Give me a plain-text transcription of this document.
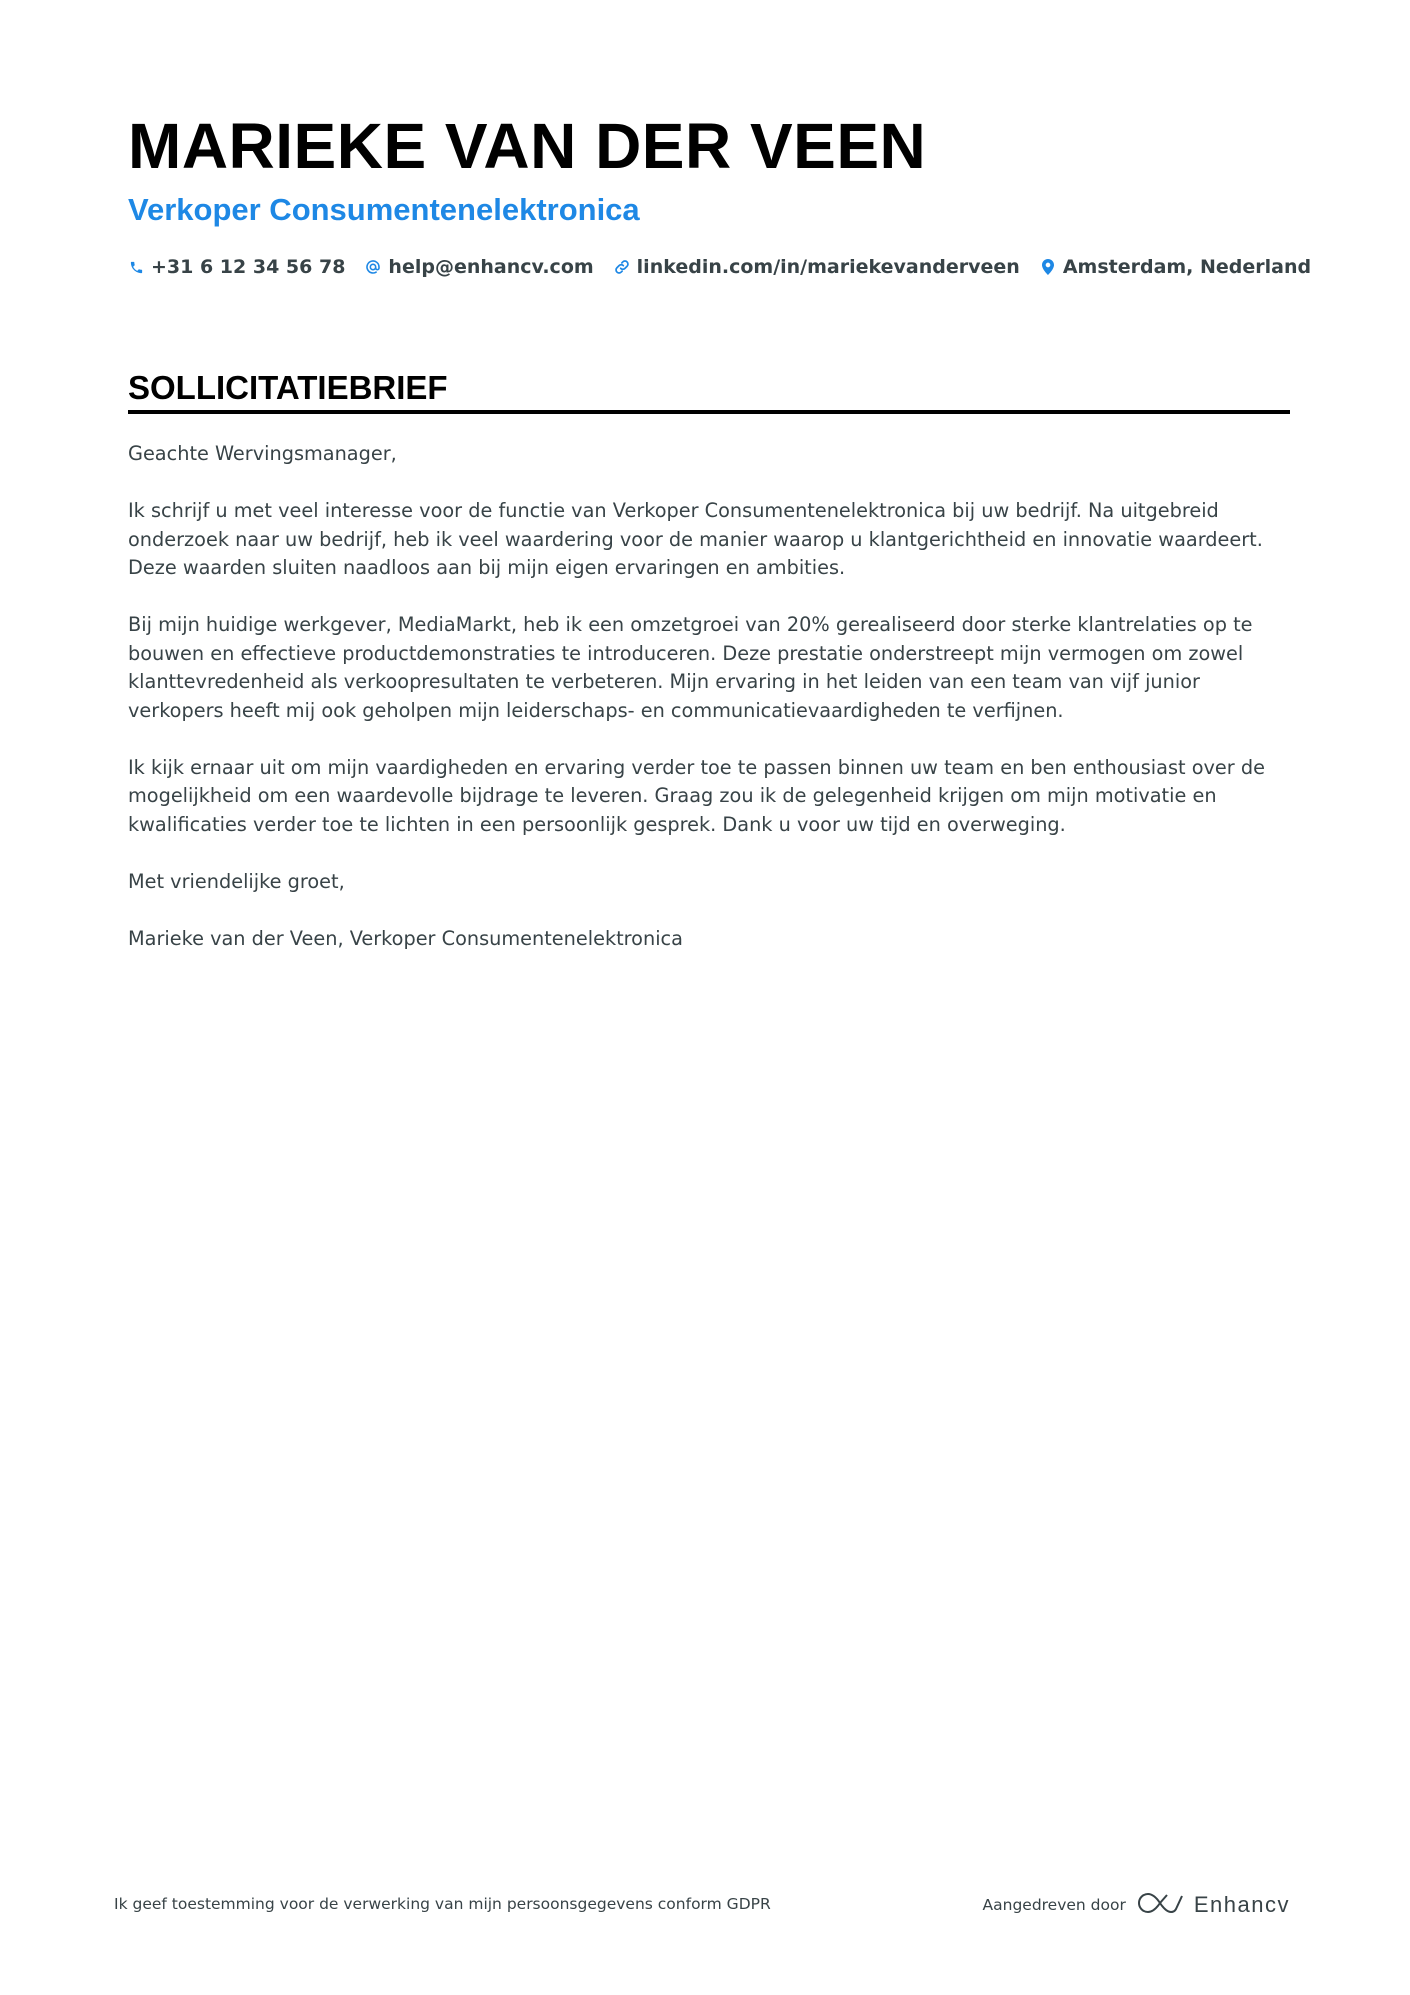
MARIEKE VAN DER VEEN
Verkoper Consumentenelektronica
+31 6 12 34 56 78 help@enhancv.com linkedin.com/in/mariekevanderveen Amsterdam, Nederland
SOLLICITATIEBRIEF

Geachte Wervingsmanager,

Ik schrijf u met veel interesse voor de functie van Verkoper Consumentenelektronica bij uw bedrijf. Na uitgebreid onderzoek naar uw bedrijf, heb ik veel waardering voor de manier waarop u klantgerichtheid en innovatie waardeert. Deze waarden sluiten naadloos aan bij mijn eigen ervaringen en ambities.

Bij mijn huidige werkgever, MediaMarkt, heb ik een omzetgroei van 20% gerealiseerd door sterke klantrelaties op te bouwen en effectieve productdemonstraties te introduceren. Deze prestatie onderstreept mijn vermogen om zowel klanttevredenheid als verkoopresultaten te verbeteren. Mijn ervaring in het leiden van een team van vijf junior verkopers heeft mij ook geholpen mijn leiderschaps- en communicatievaardigheden te verfijnen.

Ik kijk ernaar uit om mijn vaardigheden en ervaring verder toe te passen binnen uw team en ben enthousiast over de mogelijkheid om een waardevolle bijdrage te leveren. Graag zou ik de gelegenheid krijgen om mijn motivatie en kwalificaties verder toe te lichten in een persoonlijk gesprek. Dank u voor uw tijd en overweging.

Met vriendelijke groet,

Marieke van der Veen, Verkoper Consumentenelektronica

Ik geef toestemming voor de verwerking van mijn persoonsgegevens conform GDPR	Aangedreven door	Enhancv
